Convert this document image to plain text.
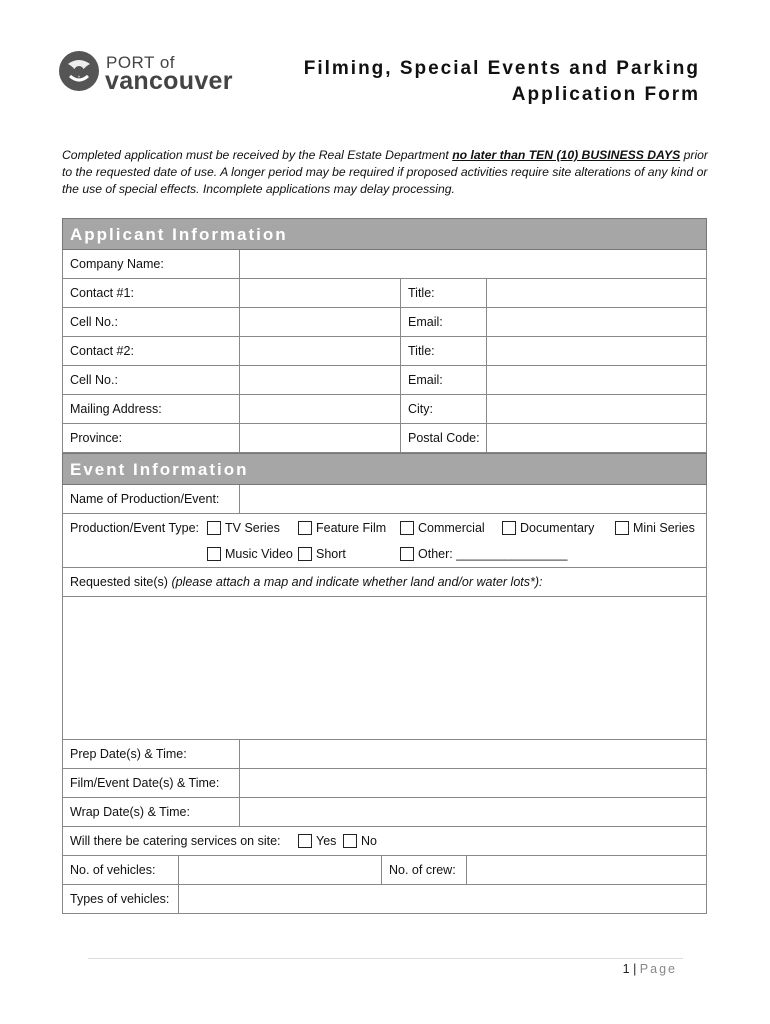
PORT of
vancouver	Filming, Special Events and Parking
Application Form
Completed application must be received by the Real Estate Department no later than TEN (10) BUSINESS DAYS prior to the requested date of use. A longer period may be required if proposed activities require site alterations of any kind or the use of special effects. Incomplete applications may delay processing.
Applicant Information
Company Name:
Contact #1:	Title:
Cell No.:	Email:
Contact #2:	Title:
Cell No.:	Email:
Mailing Address:	City:
Province:	Postal Code:
Event Information
Name of Production/Event:
Production/Event Type: TV Series	Feature Film	Commercial	Documentary	Mini Series
Music Video Short	Other: ________________
Requested site(s) (please attach a map and indicate whether land and/or water lots*):
Prep Date(s) & Time:
Film/Event Date(s) & Time:
Wrap Date(s) & Time:
Will there be catering services on site:	Yes No
No. of vehicles:	No. of crew:
Types of vehicles:
1 | Page
